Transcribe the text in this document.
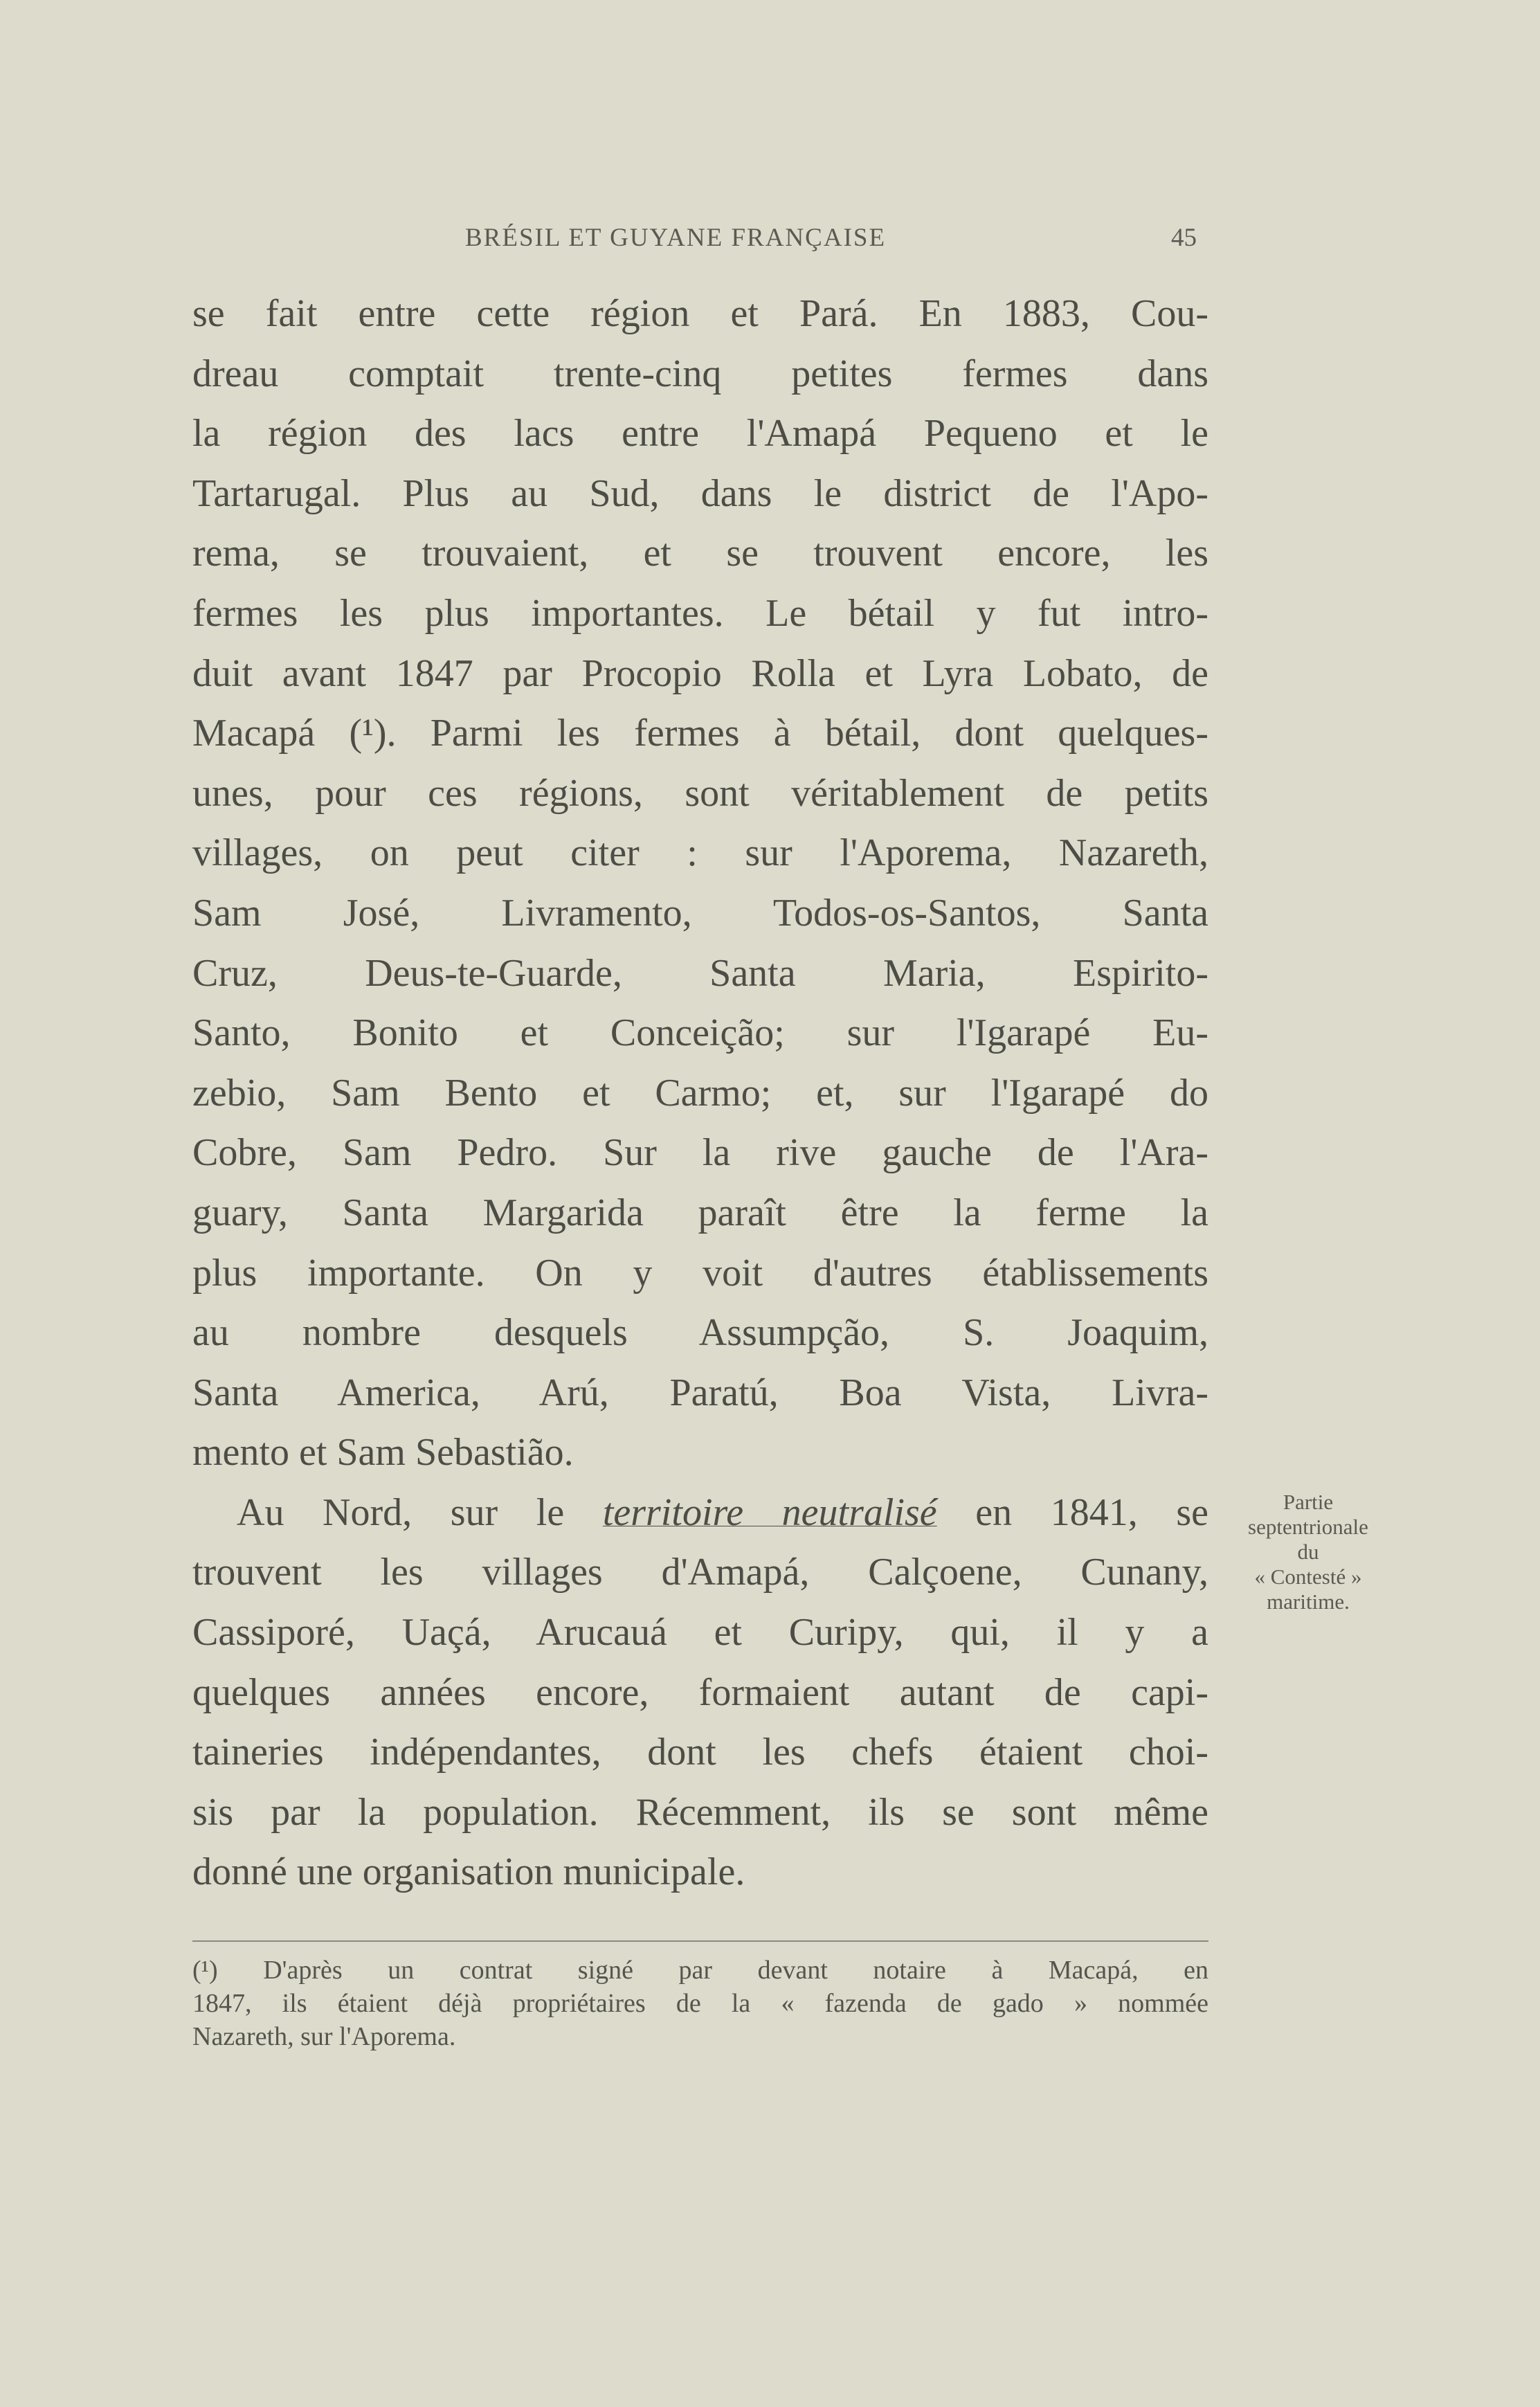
BRÉSIL ET GUYANE FRANÇAISE	45
se fait entre cette région et Pará. En 1883, Cou-
dreau comptait trente-cinq petites fermes dans
la région des lacs entre l'Amapá Pequeno et le
Tartarugal. Plus au Sud, dans le district de l'Apo-
rema, se trouvaient, et se trouvent encore, les
fermes les plus importantes. Le bétail y fut intro-
duit avant 1847 par Procopio Rolla et Lyra Lobato, de
Macapá (¹). Parmi les fermes à bétail, dont quelques-
unes, pour ces régions, sont véritablement de petits
villages, on peut citer : sur l'Aporema, Nazareth,
Sam José, Livramento, Todos-os-Santos, Santa
Cruz, Deus-te-Guarde, Santa Maria, Espirito-
Santo, Bonito et Conceição; sur l'Igarapé Eu-
zebio, Sam Bento et Carmo; et, sur l'Igarapé do
Cobre, Sam Pedro. Sur la rive gauche de l'Ara-
guary, Santa Margarida paraît être la ferme la
plus importante. On y voit d'autres établissements
au nombre desquels Assumpção, S. Joaquim,
Santa America, Arú, Paratú, Boa Vista, Livra-
mento et Sam Sebastião.
Au Nord, sur le territoire neutralisé en 1841, se
trouvent les villages d'Amapá, Calçoene, Cunany,
Cassiporé, Uaçá, Arucauá et Curipy, qui, il y a
quelques années encore, formaient autant de capi-
taineries indépendantes, dont les chefs étaient choi-
sis par la population. Récemment, ils se sont même
donné une organisation municipale.
Partie
septentrionale
du
« Contesté »
maritime.
(¹) D'après un contrat signé par devant notaire à Macapá, en
1847, ils étaient déjà propriétaires de la « fazenda de gado » nommée
Nazareth, sur l'Aporema.
